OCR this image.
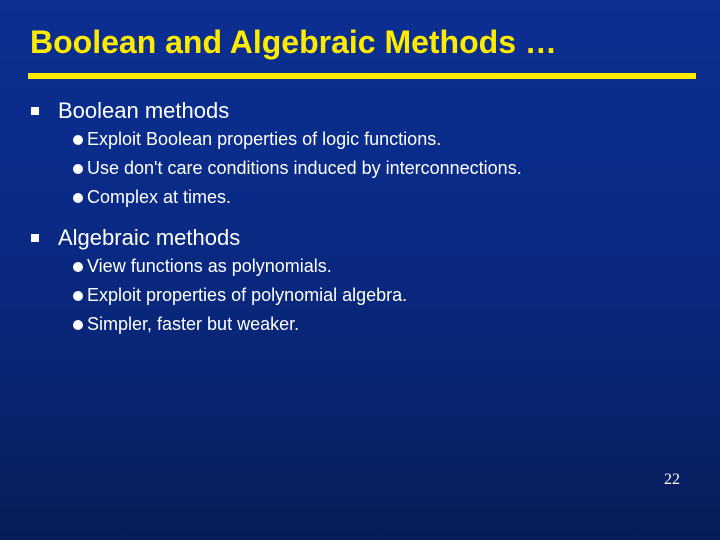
Boolean and Algebraic Methods …
Boolean methods
Exploit Boolean properties of logic functions.
Use don't care conditions induced by interconnections.
Complex at times.
Algebraic methods
View functions as polynomials.
Exploit properties of polynomial algebra.
Simpler, faster but weaker.
22
